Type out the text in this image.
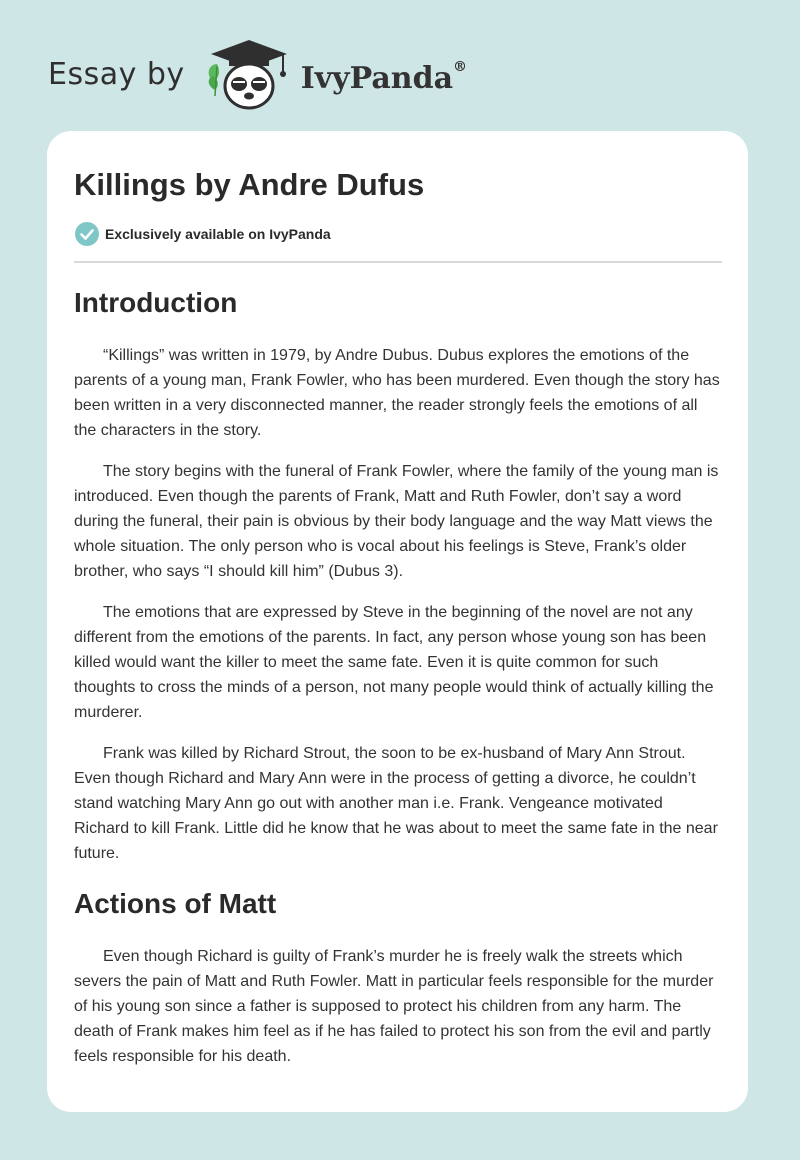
Essay by	IvyPanda®
Killings by Andre Dufus
Exclusively available on IvyPanda
Introduction

“Killings” was written in 1979, by Andre Dubus. Dubus explores the emotions of the parents of a young man, Frank Fowler, who has been murdered. Even though the story has been written in a very disconnected manner, the reader strongly feels the emotions of all the characters in the story.

The story begins with the funeral of Frank Fowler, where the family of the young man is introduced. Even though the parents of Frank, Matt and Ruth Fowler, don’t say a word during the funeral, their pain is obvious by their body language and the way Matt views the whole situation. The only person who is vocal about his feelings is Steve, Frank’s older brother, who says “I should kill him” (Dubus 3).

The emotions that are expressed by Steve in the beginning of the novel are not any different from the emotions of the parents. In fact, any person whose young son has been killed would want the killer to meet the same fate. Even it is quite common for such thoughts to cross the minds of a person, not many people would think of actually killing the murderer.

Frank was killed by Richard Strout, the soon to be ex-husband of Mary Ann Strout. Even though Richard and Mary Ann were in the process of getting a divorce, he couldn’t stand watching Mary Ann go out with another man i.e. Frank. Vengeance motivated Richard to kill Frank. Little did he know that he was about to meet the same fate in the near future.

Actions of Matt

Even though Richard is guilty of Frank’s murder he is freely walk the streets which severs the pain of Matt and Ruth Fowler. Matt in particular feels responsible for the murder of his young son since a father is supposed to protect his children from any harm. The death of Frank makes him feel as if he has failed to protect his son from the evil and partly feels responsible for his death.
